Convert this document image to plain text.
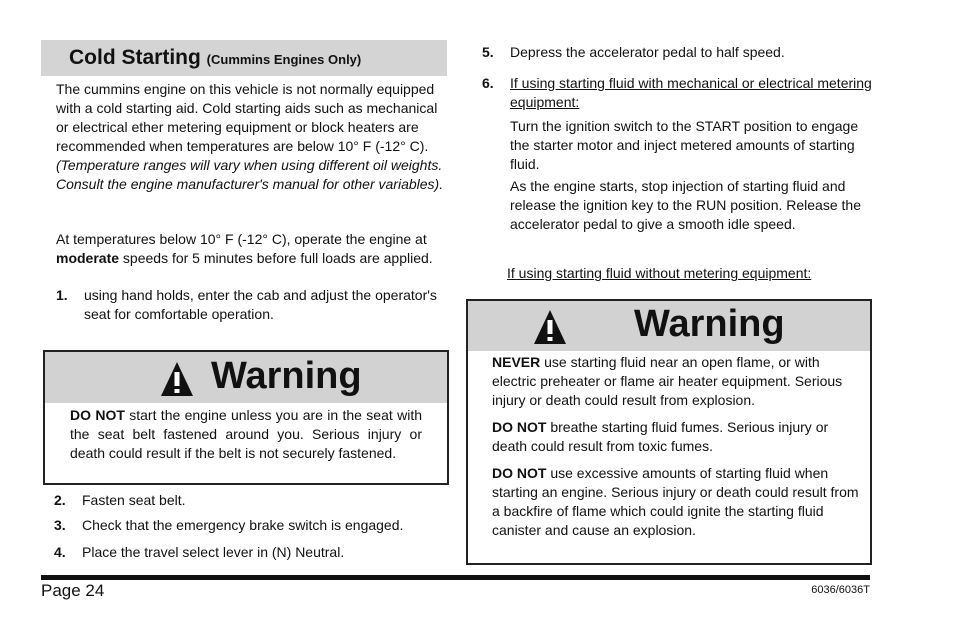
Cold Starting (Cummins Engines Only)
The cummins engine on this vehicle is not normally equipped with a cold starting aid. Cold starting aids such as mechanical or electrical ether metering equipment or block heaters are recommended when temperatures are below 10° F (-12° C). (Temperature ranges will vary when using different oil weights. Consult the engine manufacturer's manual for other variables).
At temperatures below 10° F (-12° C), operate the engine at moderate speeds for 5 minutes before full loads are applied.
1. using hand holds, enter the cab and adjust the operator's seat for comfortable operation.
Warning

DO NOT start the engine unless you are in the seat with the seat belt fastened around you. Serious injury or death could result if the belt is not securely fastened.

2. Fasten seat belt.
3. Check that the emergency brake switch is engaged.
4. Place the travel select lever in (N) Neutral.
5. Depress the accelerator pedal to half speed.
6. If using starting fluid with mechanical or electrical metering equipment:
Turn the ignition switch to the START position to engage the starter motor and inject metered amounts of starting fluid.
As the engine starts, stop injection of starting fluid and release the ignition key to the RUN position. Release the accelerator pedal to give a smooth idle speed.
If using starting fluid without metering equipment:
Warning

NEVER use starting fluid near an open flame, or with electric preheater or flame air heater equipment. Serious injury or death could result from explosion.

DO NOT breathe starting fluid fumes. Serious injury or death could result from toxic fumes.

DO NOT use excessive amounts of starting fluid when starting an engine. Serious injury or death could result from a backfire of flame which could ignite the starting fluid canister and cause an explosion.

Page 24	6036/6036T
